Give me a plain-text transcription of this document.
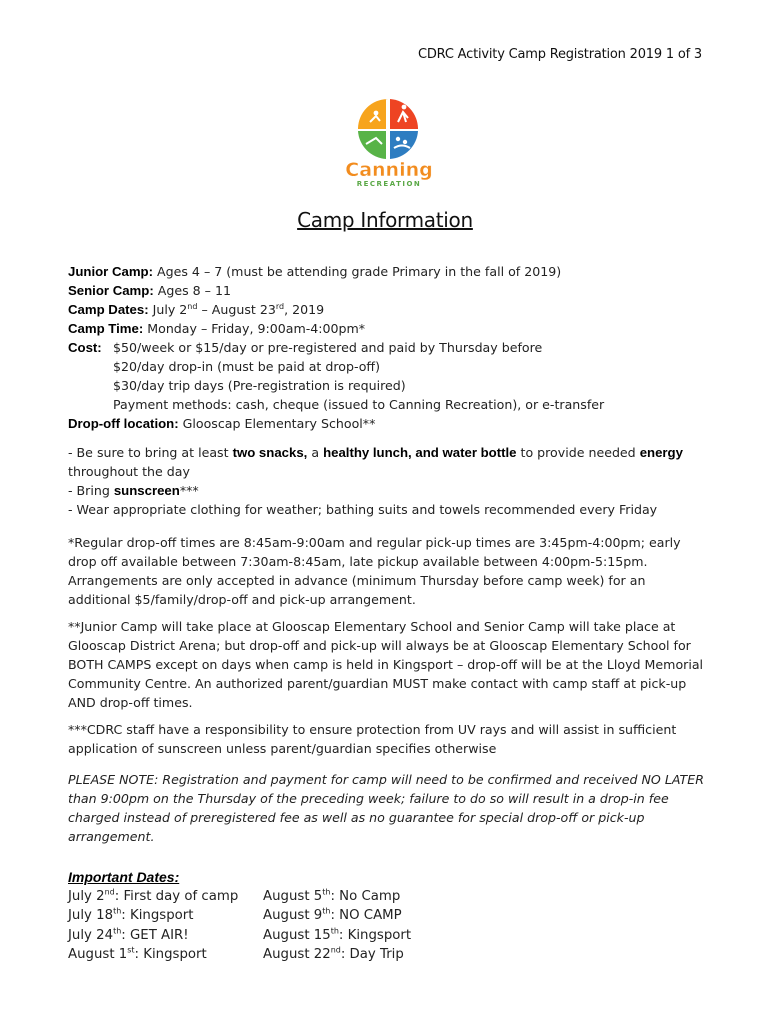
CDRC Activity Camp Registration 2019 1 of 3
Canning
RECREATION
Camp Information
Junior Camp: Ages 4 – 7 (must be attending grade Primary in the fall of 2019)
Senior Camp: Ages 8 – 11
Camp Dates: July 2nd – August 23rd, 2019
Camp Time: Monday – Friday, 9:00am-4:00pm*
Cost: $50/week or $15/day or pre-registered and paid by Thursday before
$20/day drop-in (must be paid at drop-off)
$30/day trip days (Pre-registration is required)
Payment methods: cash, cheque (issued to Canning Recreation), or e-transfer
Drop-off location: Glooscap Elementary School**
- Be sure to bring at least two snacks, a healthy lunch, and water bottle to provide needed energy throughout the day
- Bring sunscreen***
- Wear appropriate clothing for weather; bathing suits and towels recommended every Friday
*Regular drop-off times are 8:45am-9:00am and regular pick-up times are 3:45pm-4:00pm; early drop off available between 7:30am-8:45am, late pickup available between 4:00pm-5:15pm. Arrangements are only accepted in advance (minimum Thursday before camp week) for an additional $5/family/drop-off and pick-up arrangement.
**Junior Camp will take place at Glooscap Elementary School and Senior Camp will take place at Glooscap District Arena; but drop-off and pick-up will always be at Glooscap Elementary School for BOTH CAMPS except on days when camp is held in Kingsport – drop-off will be at the Lloyd Memorial Community Centre. An authorized parent/guardian MUST make contact with camp staff at pick-up AND drop-off times.
***CDRC staff have a responsibility to ensure protection from UV rays and will assist in sufficient application of sunscreen unless parent/guardian specifies otherwise
PLEASE NOTE: Registration and payment for camp will need to be confirmed and received NO LATER than 9:00pm on the Thursday of the preceding week; failure to do so will result in a drop-in fee charged instead of preregistered fee as well as no guarantee for special drop-off or pick-up arrangement.
Important Dates:
July 2nd: First day of camp
July 18th: Kingsport
July 24th: GET AIR!
August 1st: Kingsport
August 5th: No Camp
August 9th: NO CAMP
August 15th: Kingsport
August 22nd: Day Trip
